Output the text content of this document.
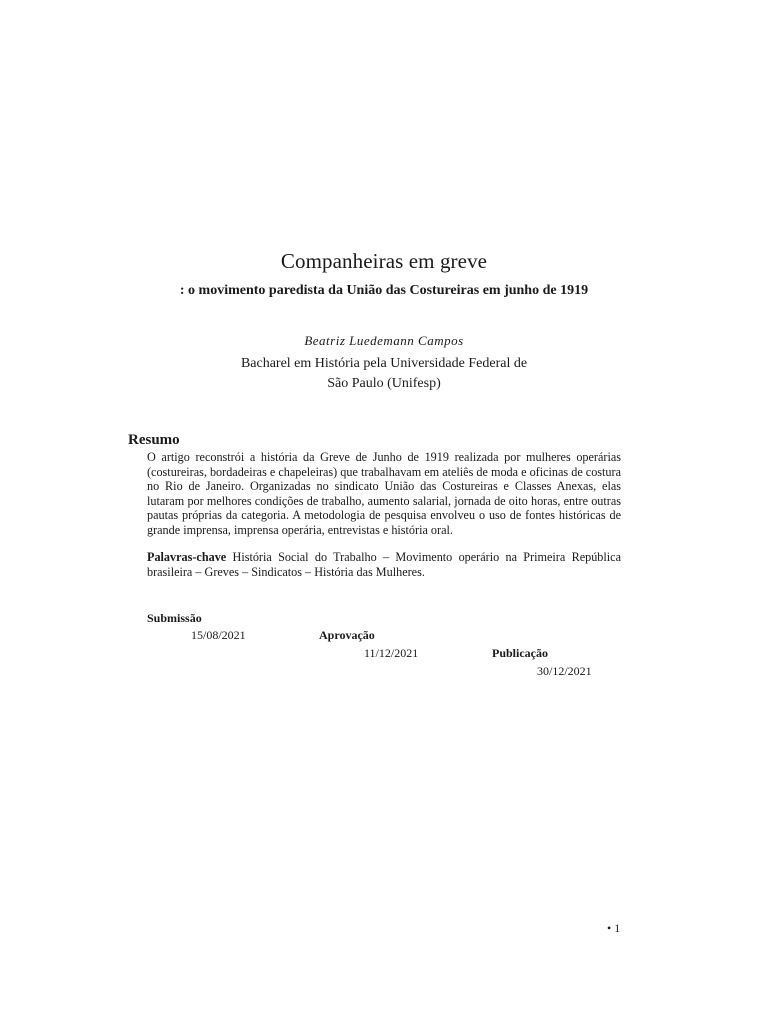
Companheiras em greve
: o movimento paredista da União das Costureiras em junho de 1919
Beatriz Luedemann Campos
Bacharel em História pela Universidade Federal de
São Paulo (Unifesp)
Resumo

O artigo reconstrói a história da Greve de Junho de 1919 realizada por mulheres operárias (costureiras, bordadeiras e chapeleiras) que trabalhavam em ateliês de moda e oficinas de costura no Rio de Janeiro. Organizadas no sindicato União das Costureiras e Classes Anexas, elas lutaram por melhores condições de trabalho, aumento salarial, jornada de oito horas, entre outras pautas próprias da categoria. A metodologia de pesquisa envolveu o uso de fontes históricas de grande imprensa, imprensa operária, entrevistas e história oral.

Palavras-chave História Social do Trabalho – Movimento operário na Primeira República brasileira – Greves – Sindicatos – História das Mulheres.

Submissão
15/08/2021	Aprovação
11/12/2021	Publicação
30/12/2021
• 1
